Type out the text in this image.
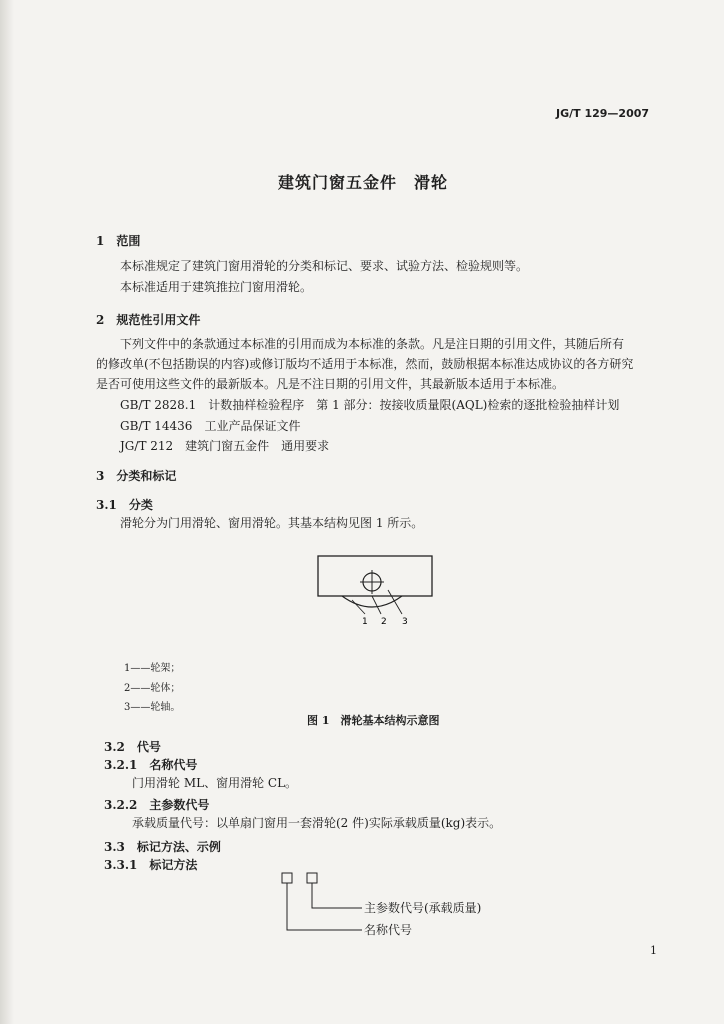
JG/T 129—2007
建筑门窗五金件　滑轮
1　范围
本标准规定了建筑门窗用滑轮的分类和标记、要求、试验方法、检验规则等。
本标准适用于建筑推拉门窗用滑轮。
2　规范性引用文件
下列文件中的条款通过本标准的引用而成为本标准的条款。凡是注日期的引用文件，其随后所有
的修改单(不包括勘误的内容)或修订版均不适用于本标准，然而，鼓励根据本标准达成协议的各方研究
是否可使用这些文件的最新版本。凡是不注日期的引用文件，其最新版本适用于本标准。
GB/T 2828.1　计数抽样检验程序　第 1 部分：按接收质量限(AQL)检索的逐批检验抽样计划
GB/T 14436　工业产品保证文件
JG/T 212　建筑门窗五金件　通用要求
3　分类和标记
3.1　分类
滑轮分为门用滑轮、窗用滑轮。其基本结构见图 1 所示。
1 2 3
1——轮架；
2——轮体；
3——轮轴。
图 1　滑轮基本结构示意图
3.2　代号
3.2.1　名称代号
门用滑轮 ML、窗用滑轮 CL。
3.2.2　主参数代号
承载质量代号：以单扇门窗用一套滑轮(2 件)实际承载质量(kg)表示。
3.3　标记方法、示例
3.3.1　标记方法
主参数代号(承载质量)
名称代号
1
